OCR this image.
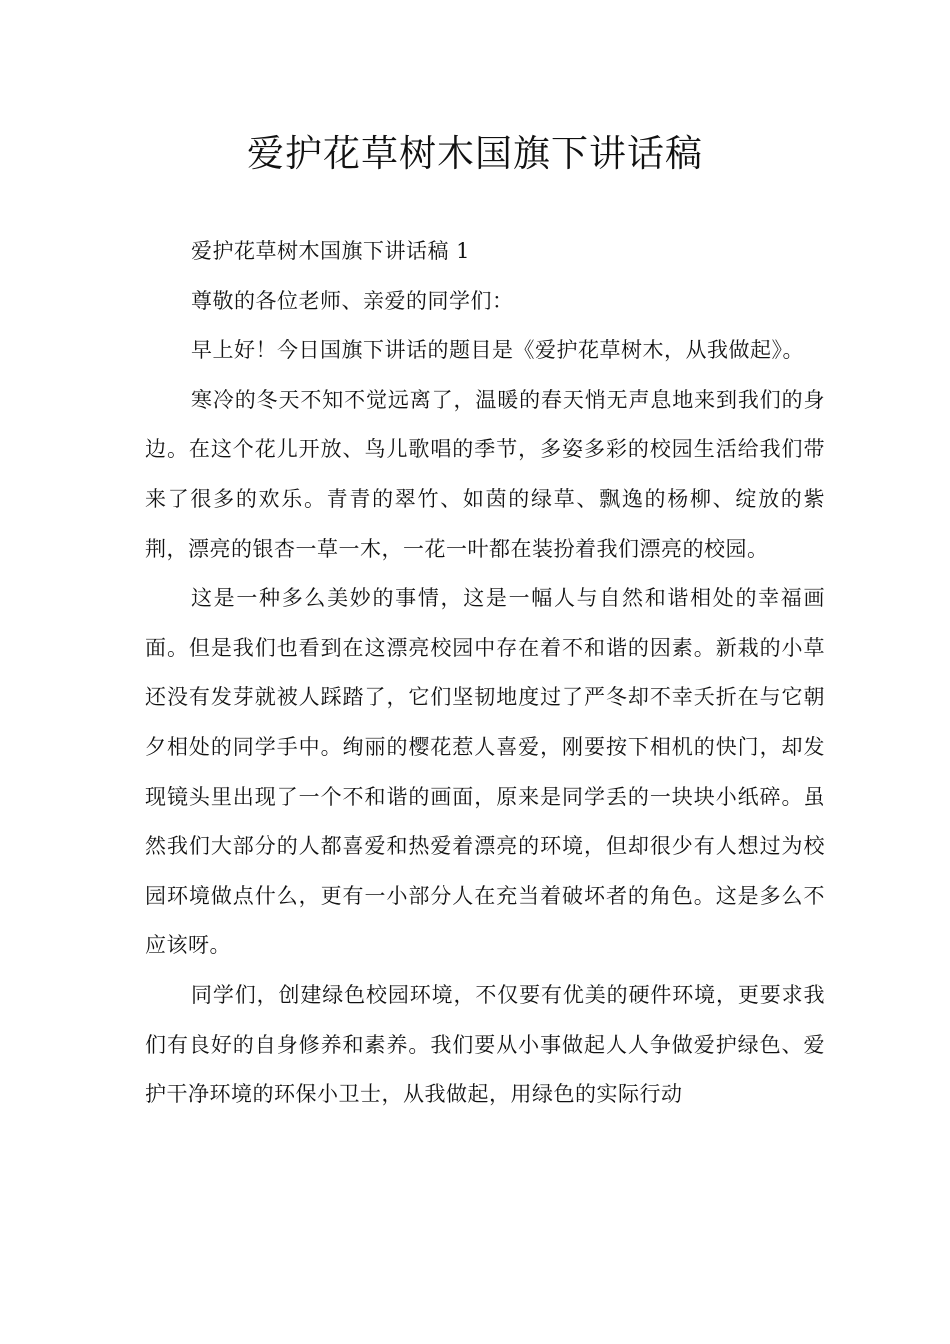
爱护花草树木国旗下讲话稿

爱护花草树木国旗下讲话稿 1

尊敬的各位老师、亲爱的同学们：

早上好！今日国旗下讲话的题目是《爱护花草树木，从我做起》。

寒冷的冬天不知不觉远离了，温暖的春天悄无声息地来到我们的身边。在这个花儿开放、鸟儿歌唱的季节，多姿多彩的校园生活给我们带来了很多的欢乐。青青的翠竹、如茵的绿草、飘逸的杨柳、绽放的紫荆，漂亮的银杏一草一木，一花一叶都在装扮着我们漂亮的校园。

这是一种多么美妙的事情，这是一幅人与自然和谐相处的幸福画面。但是我们也看到在这漂亮校园中存在着不和谐的因素。新栽的小草还没有发芽就被人踩踏了，它们坚韧地度过了严冬却不幸夭折在与它朝夕相处的同学手中。绚丽的樱花惹人喜爱，刚要按下相机的快门，却发现镜头里出现了一个不和谐的画面，原来是同学丢的一块块小纸碎。虽然我们大部分的人都喜爱和热爱着漂亮的环境，但却很少有人想过为校园环境做点什么，更有一小部分人在充当着破坏者的角色。这是多么不应该呀。

同学们，创建绿色校园环境，不仅要有优美的硬件环境，更要求我们有良好的自身修养和素养。我们要从小事做起人人争做爱护绿色、爱护干净环境的环保小卫士，从我做起，用绿色的实际行动
